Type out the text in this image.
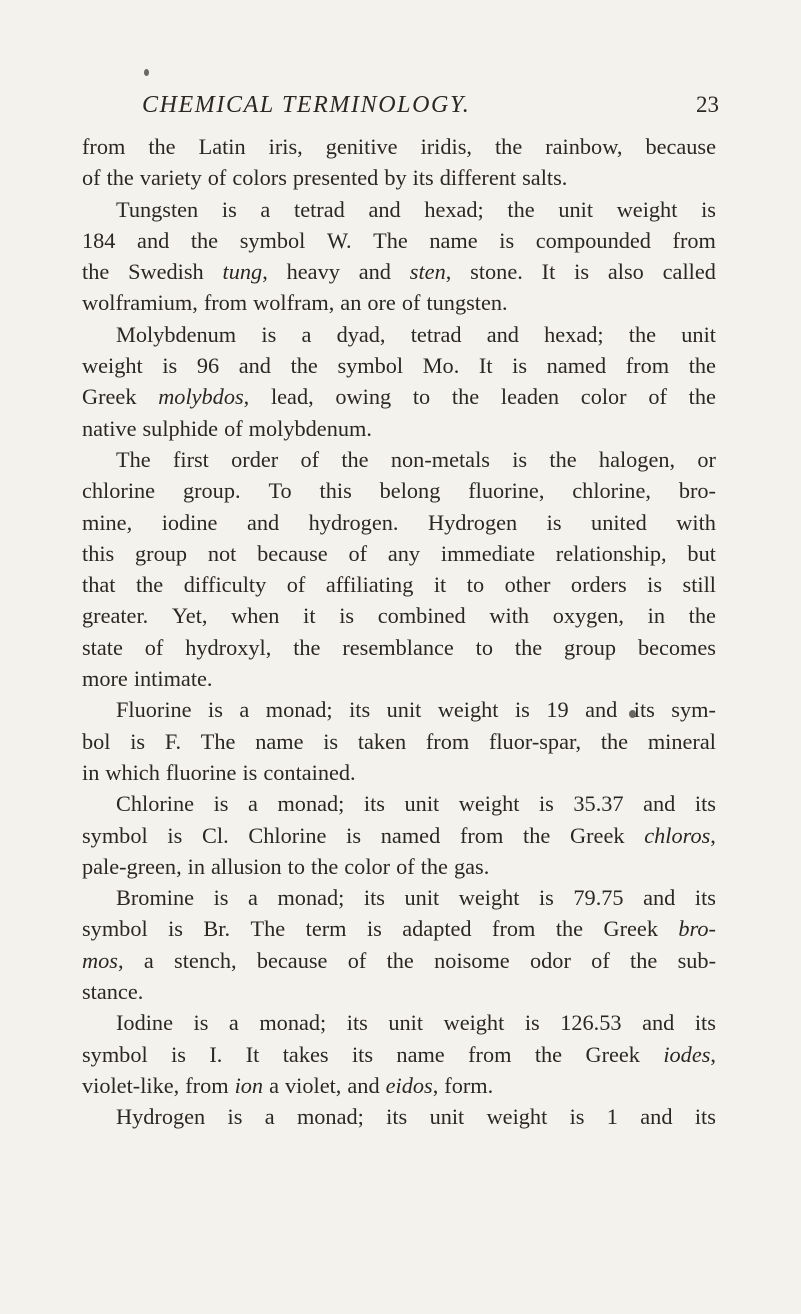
CHEMICAL TERMINOLOGY.	23
from the Latin iris, genitive iridis, the rainbow, because
of the variety of colors presented by its different salts.
Tungsten is a tetrad and hexad; the unit weight is
184 and the symbol W. The name is compounded from
the Swedish tung, heavy and sten, stone. It is also called
wolframium, from wolfram, an ore of tungsten.
Molybdenum is a dyad, tetrad and hexad; the unit
weight is 96 and the symbol Mo. It is named from the
Greek molybdos, lead, owing to the leaden color of the
native sulphide of molybdenum.
The first order of the non-metals is the halogen, or
chlorine group. To this belong fluorine, chlorine, bro-
mine, iodine and hydrogen. Hydrogen is united with
this group not because of any immediate relationship, but
that the difficulty of affiliating it to other orders is still
greater. Yet, when it is combined with oxygen, in the
state of hydroxyl, the resemblance to the group becomes
more intimate.
Fluorine is a monad; its unit weight is 19 and its sym-
bol is F. The name is taken from fluor-spar, the mineral
in which fluorine is contained.
Chlorine is a monad; its unit weight is 35.37 and its
symbol is Cl. Chlorine is named from the Greek chloros,
pale-green, in allusion to the color of the gas.
Bromine is a monad; its unit weight is 79.75 and its
symbol is Br. The term is adapted from the Greek bro-
mos, a stench, because of the noisome odor of the sub-
stance.
Iodine is a monad; its unit weight is 126.53 and its
symbol is I. It takes its name from the Greek iodes,
violet-like, from ion a violet, and eidos, form.
Hydrogen is a monad; its unit weight is 1 and its
